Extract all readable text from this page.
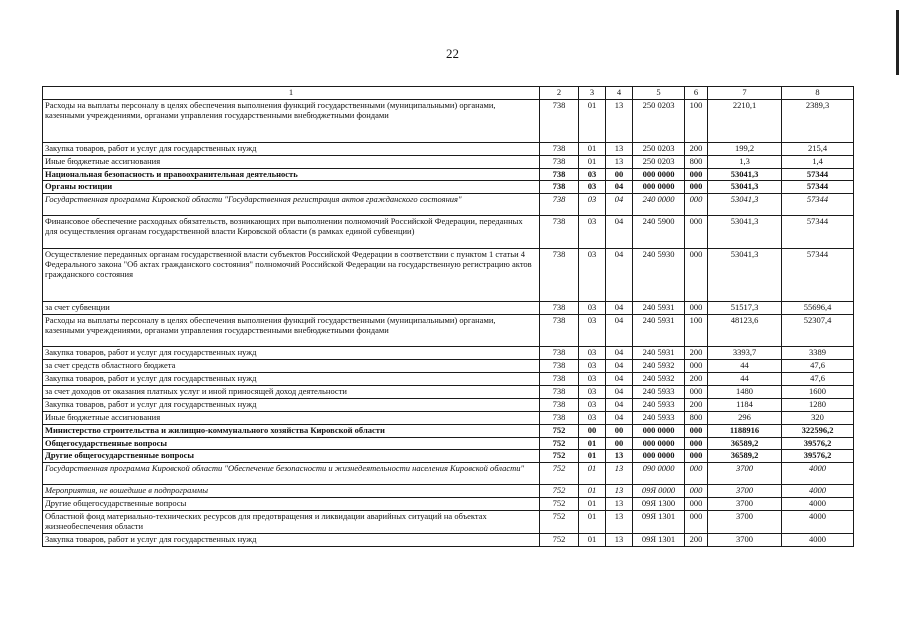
22
1	2	3	4	5	6	7	8
Расходы на выплаты персоналу в целях обеспечения выполнения функций государственными (муниципальными) органами, казенными учреждениями, органами управления государственными внебюджетными фондами	738	01	13	250 0203	100	2210,1	2389,3
Закупка товаров, работ и услуг для государственных нужд	738	01	13	250 0203	200	199,2	215,4
Иные бюджетные ассигнования	738	01	13	250 0203	800	1,3	1,4
Национальная безопасность и правоохранительная деятельность	738	03	00	000 0000	000	53041,3	57344
Органы юстиции	738	03	04	000 0000	000	53041,3	57344
Государственная программа Кировской области "Государственная регистрация актов гражданского состояния"	738	03	04	240 0000	000	53041,3	57344
Финансовое обеспечение расходных обязательств, возникающих при выполнении полномочий Российской Федерации, переданных для осуществления органам государственной власти Кировской области (в рамках единой субвенции)	738	03	04	240 5900	000	53041,3	57344
Осуществление переданных органам государственной власти субъектов Российской Федерации в соответствии с пунктом 1 статьи 4 Федерального закона "Об актах гражданского состояния" полномочий Российской Федерации на государственную регистрацию актов гражданского состояния	738	03	04	240 5930	000	53041,3	57344
за счет субвенции	738	03	04	240 5931	000	51517,3	55696,4
Расходы на выплаты персоналу в целях обеспечения выполнения функций государственными (муниципальными) органами, казенными учреждениями, органами управления государственными внебюджетными фондами	738	03	04	240 5931	100	48123,6	52307,4
Закупка товаров, работ и услуг для государственных нужд	738	03	04	240 5931	200	3393,7	3389
за счет средств областного бюджета	738	03	04	240 5932	000	44	47,6
Закупка товаров, работ и услуг для государственных нужд	738	03	04	240 5932	200	44	47,6
за счет доходов от оказания платных услуг и иной приносящей доход деятельности	738	03	04	240 5933	000	1480	1600
Закупка товаров, работ и услуг для государственных нужд	738	03	04	240 5933	200	1184	1280
Иные бюджетные ассигнования	738	03	04	240 5933	800	296	320
Министерство строительства и жилищно-коммунального хозяйства Кировской области	752	00	00	000 0000	000	1188916	322596,2
Общегосударственные вопросы	752	01	00	000 0000	000	36589,2	39576,2
Другие общегосударственные вопросы	752	01	13	000 0000	000	36589,2	39576,2
Государственная программа Кировской области "Обеспечение безопасности и жизнедеятельности населения Кировской области"	752	01	13	090 0000	000	3700	4000
Мероприятия, не вошедшие в подпрограммы	752	01	13	09Я 0000	000	3700	4000
Другие общегосударственные вопросы	752	01	13	09Я 1300	000	3700	4000
Областной фонд материально-технических ресурсов для предотвращения и ликвидации аварийных ситуаций на объектах жизнеобеспечения области	752	01	13	09Я 1301	000	3700	4000
Закупка товаров, работ и услуг для государственных нужд	752	01	13	09Я 1301	200	3700	4000
